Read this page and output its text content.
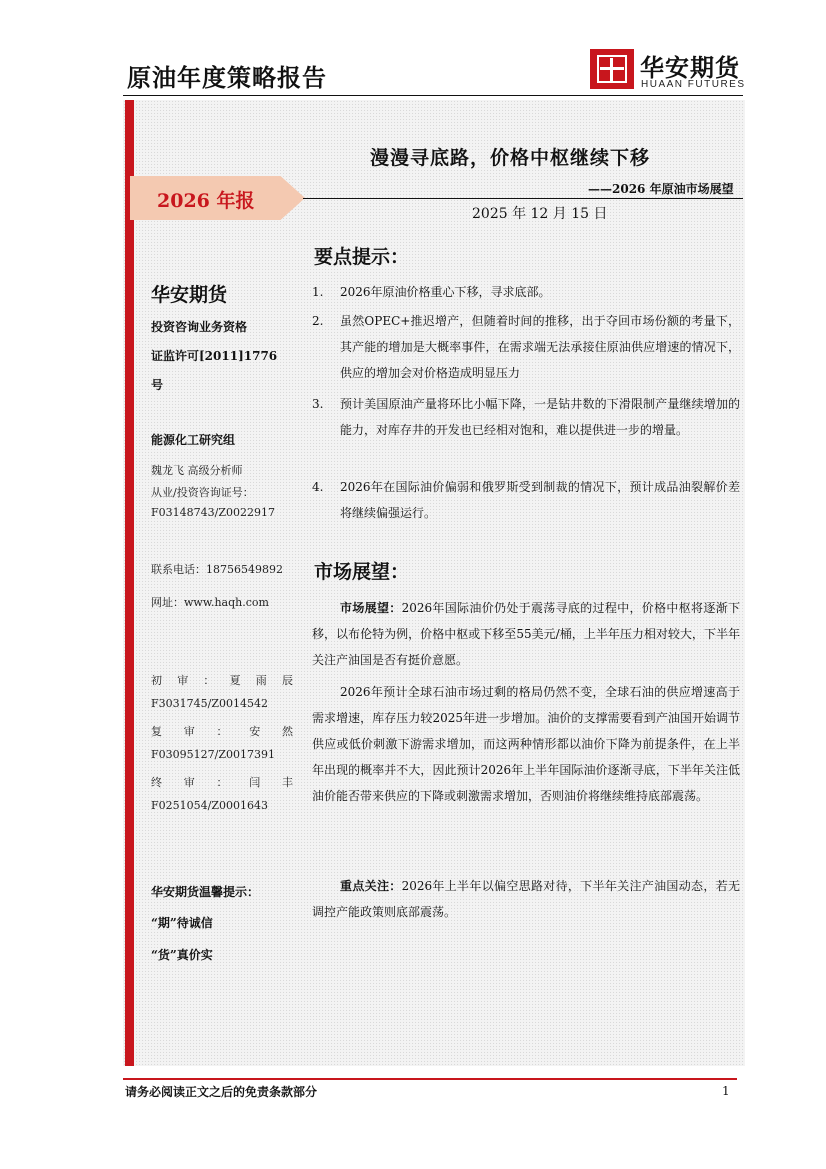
原油年度策略报告	华安期货
HUAAN FUTURES
2026 年报
漫漫寻底路，价格中枢继续下移
——2026 年原油市场展望
2025 年 12 月 15 日
华安期货
投资咨询业务资格
证监许可[2011]1776
号
能源化工研究组
魏龙飞 高级分析师
从业/投资咨询证号：
F03148743/Z0022917
联系电话：18756549892
网址：www.haqh.com
初 审 ： 夏 雨 辰
F3031745/Z0014542
复 审 ： 安 然
F03095127/Z0017391
终 审 ： 闫 丰
F0251054/Z0001643
华安期货温馨提示：
“期”待诚信
“货”真价实
要点提示：
1.	2026年原油价格重心下移，寻求底部。
2.	虽然OPEC+推迟增产，但随着时间的推移，出于夺回市场份额的考量下，其产能的增加是大概率事件，在需求端无法承接住原油供应增速的情况下，供应的增加会对价格造成明显压力
3.	预计美国原油产量将环比小幅下降，一是钻井数的下滑限制产量继续增加的能力，对库存井的开发也已经相对饱和，难以提供进一步的增量。
4.	2026年在国际油价偏弱和俄罗斯受到制裁的情况下，预计成品油裂解价差将继续偏强运行。
市场展望：

市场展望：2026年国际油价仍处于震荡寻底的过程中，价格中枢将逐渐下移，以布伦特为例，价格中枢或下移至55美元/桶，上半年压力相对较大，下半年关注产油国是否有挺价意愿。

2026年预计全球石油市场过剩的格局仍然不变，全球石油的供应增速高于需求增速，库存压力较2025年进一步增加。油价的支撑需要看到产油国开始调节供应或低价刺激下游需求增加，而这两种情形都以油价下降为前提条件，在上半年出现的概率并不大，因此预计2026年上半年国际油价逐渐寻底，下半年关注低油价能否带来供应的下降或刺激需求增加，否则油价将继续维持底部震荡。

重点关注：2026年上半年以偏空思路对待，下半年关注产油国动态，若无调控产能政策则底部震荡。

请务必阅读正文之后的免责条款部分	1
